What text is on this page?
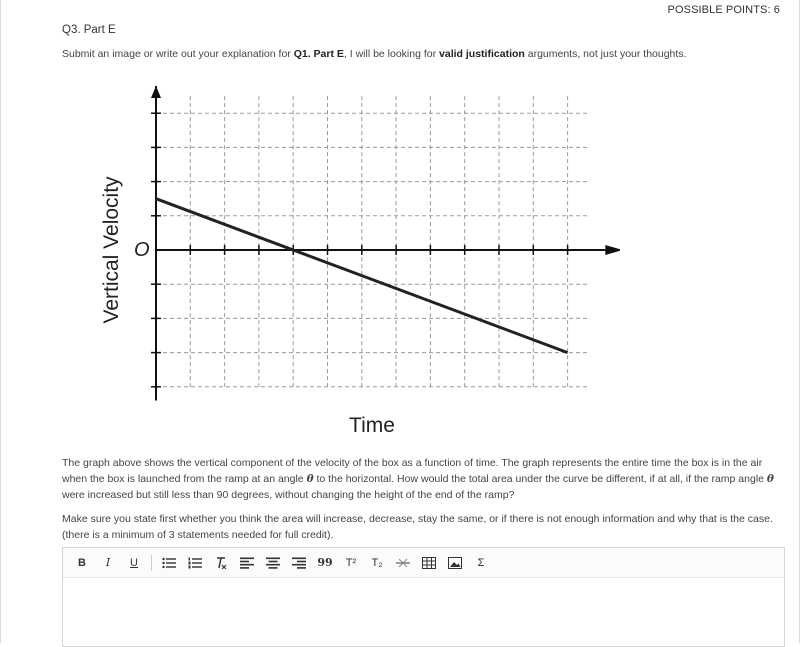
POSSIBLE POINTS: 6
Q3. Part E
Submit an image or write out your explanation for Q1. Part E, I will be looking for valid justification arguments, not just your thoughts.
O
Vertical Velocity
Time
The graph above shows the vertical component of the velocity of the box as a function of time. The graph represents the entire time the box is in the air when the box is launched from the ramp at an angle θ to the horizontal. How would the total area under the curve be different, if at all, if the ramp angle θ were increased but still less than 90 degrees, without changing the height of the end of the ramp?
Make sure you state first whether you think the area will increase, decrease, stay the same, or if there is not enough information and why that is the case. (there is a minimum of 3 statements needed for full credit).
B I U	99 T² T₂	Σ
